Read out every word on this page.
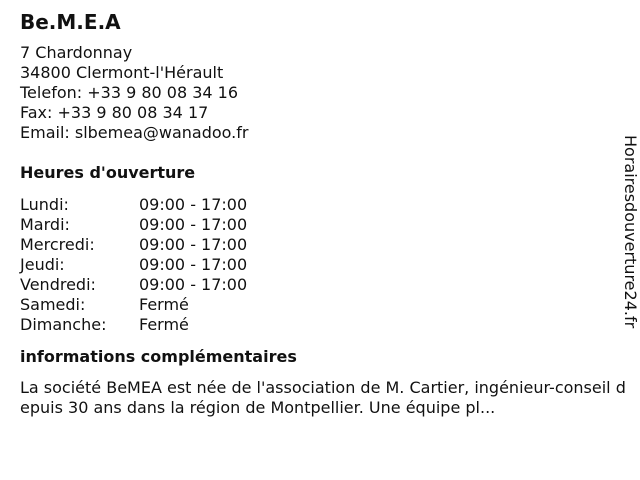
Be.M.E.A
7 Chardonnay
34800 Clermont-l'Hérault
Telefon: +33 9 80 08 34 16
Fax: +33 9 80 08 34 17
Email: slbemea@wanadoo.fr
Heures d'ouverture
Lundi:	09:00 - 17:00
Mardi:	09:00 - 17:00
Mercredi:	09:00 - 17:00
Jeudi:	09:00 - 17:00
Vendredi:	09:00 - 17:00
Samedi:	Fermé
Dimanche:	Fermé
informations complémentaires
La société BeMEA est née de l'association de M. Cartier, ingénieur-conseil depuis 30 ans dans la région de Montpellier. Une équipe pl...
Horairesdouverture24.fr
